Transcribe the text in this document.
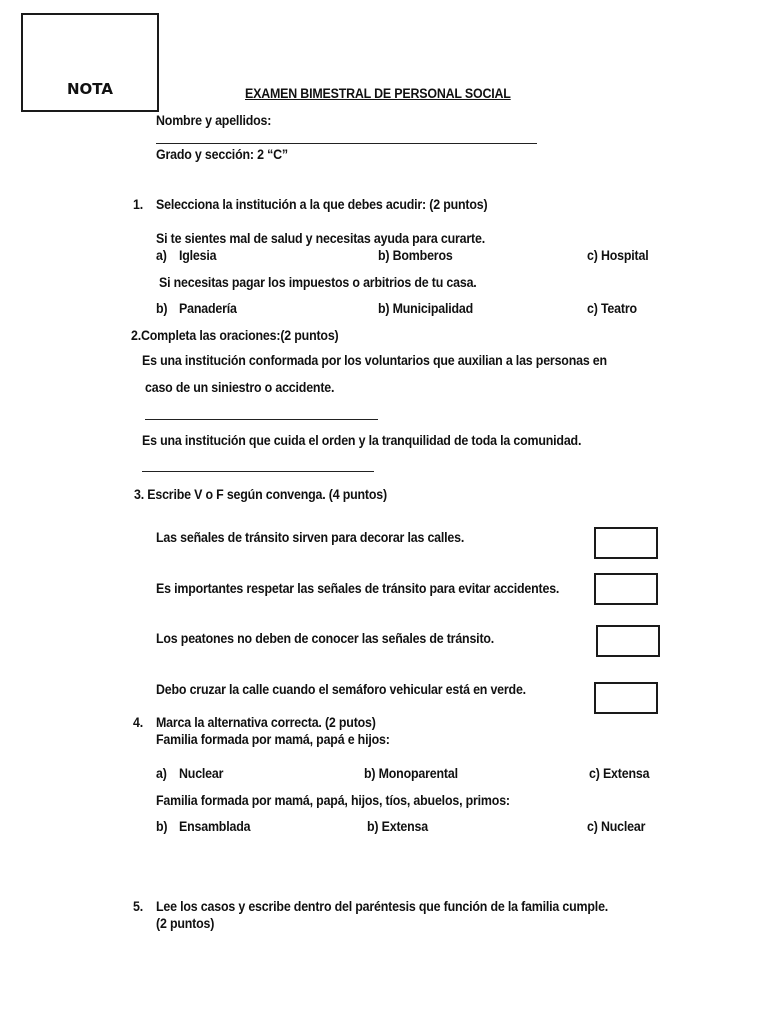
NOTA	EXAMEN BIMESTRAL DE PERSONAL SOCIAL
Nombre y apellidos:
Grado y sección: 2 “C”
1. Selecciona la institución a la que debes acudir: (2 puntos)
Si te sientes mal de salud y necesitas ayuda para curarte.
a) Iglesia	b) Bomberos	c) Hospital
Si necesitas pagar los impuestos o arbitrios de tu casa.
b) Panadería	b) Municipalidad	c) Teatro
2.Completa las oraciones:(2 puntos)
Es una institución conformada por los voluntarios que auxilian a las personas en
caso de un siniestro o accidente.
Es una institución que cuida el orden y la tranquilidad de toda la comunidad.
3. Escribe V o F según convenga. (4 puntos)
Las señales de tránsito sirven para decorar las calles.
Es importantes respetar las señales de tránsito para evitar accidentes.
Los peatones no deben de conocer las señales de tránsito.
Debo cruzar la calle cuando el semáforo vehicular está en verde.
4. Marca la alternativa correcta. (2 putos)
Familia formada por mamá, papá e hijos:
a) Nuclear	b) Monoparental	c) Extensa
Familia formada por mamá, papá, hijos, tíos, abuelos, primos:
b) Ensamblada	b) Extensa	c) Nuclear
5. Lee los casos y escribe dentro del paréntesis que función de la familia cumple.
(2 puntos)
